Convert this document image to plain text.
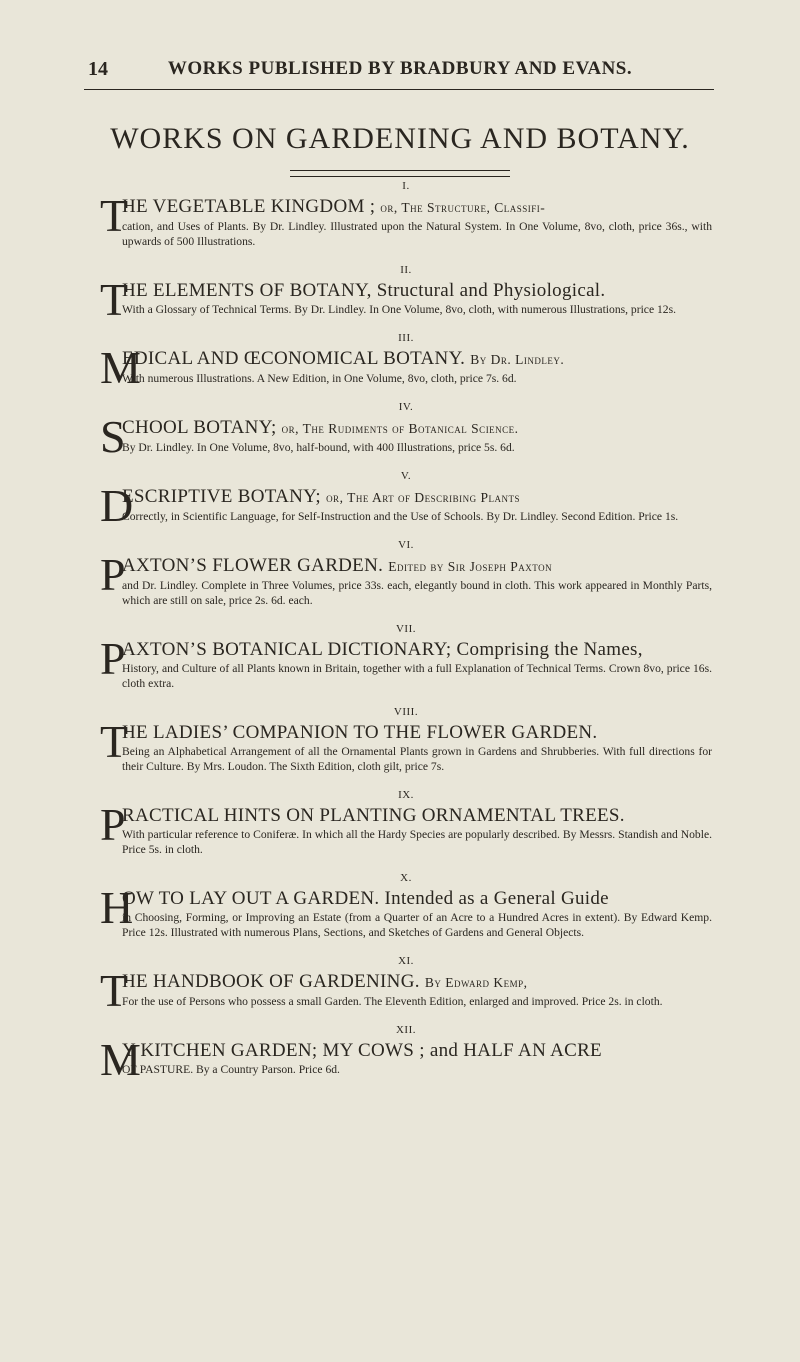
14	WORKS PUBLISHED BY BRADBURY AND EVANS.
WORKS ON GARDENING AND BOTANY.
I.
T
HE VEGETABLE KINGDOM ; or, The Structure, Classifi-
cation, and Uses of Plants. By Dr. Lindley. Illustrated upon the Natural System. In One Volume, 8vo, cloth, price 36s., with upwards of 500 Illustrations.
II.
T
HE ELEMENTS OF BOTANY, Structural and Physiological.
With a Glossary of Technical Terms. By Dr. Lindley. In One Volume, 8vo, cloth, with numerous Illustrations, price 12s.
III.
M
EDICAL AND ŒCONOMICAL BOTANY. By Dr. Lindley.
With numerous Illustrations. A New Edition, in One Volume, 8vo, cloth, price 7s. 6d.
IV.
S
CHOOL BOTANY; or, The Rudiments of Botanical Science.
By Dr. Lindley. In One Volume, 8vo, half-bound, with 400 Illustrations, price 5s. 6d.
V.
D
ESCRIPTIVE BOTANY; or, The Art of Describing Plants
Correctly, in Scientific Language, for Self-Instruction and the Use of Schools. By Dr. Lindley. Second Edition. Price 1s.
VI.
P
AXTON’S FLOWER GARDEN. Edited by Sir Joseph Paxton
and Dr. Lindley. Complete in Three Volumes, price 33s. each, elegantly bound in cloth. This work appeared in Monthly Parts, which are still on sale, price 2s. 6d. each.
VII.
P
AXTON’S BOTANICAL DICTIONARY; Comprising the Names,
History, and Culture of all Plants known in Britain, together with a full Explanation of Technical Terms. Crown 8vo, price 16s. cloth extra.
VIII.
T
HE LADIES’ COMPANION TO THE FLOWER GARDEN.
Being an Alphabetical Arrangement of all the Ornamental Plants grown in Gardens and Shrubberies. With full directions for their Culture. By Mrs. Loudon. The Sixth Edition, cloth gilt, price 7s.
IX.
P
RACTICAL HINTS ON PLANTING ORNAMENTAL TREES.
With particular reference to Coniferæ. In which all the Hardy Species are popularly described. By Messrs. Standish and Noble. Price 5s. in cloth.
X.
H
OW TO LAY OUT A GARDEN. Intended as a General Guide
in Choosing, Forming, or Improving an Estate (from a Quarter of an Acre to a Hundred Acres in extent). By Edward Kemp. Price 12s. Illustrated with numerous Plans, Sections, and Sketches of Gardens and General Objects.
XI.
T
HE HANDBOOK OF GARDENING. By Edward Kemp,
For the use of Persons who possess a small Garden. The Eleventh Edition, enlarged and improved. Price 2s. in cloth.
XII.
M
Y KITCHEN GARDEN; MY COWS ; and HALF AN ACRE
OF PASTURE. By a Country Parson. Price 6d.
